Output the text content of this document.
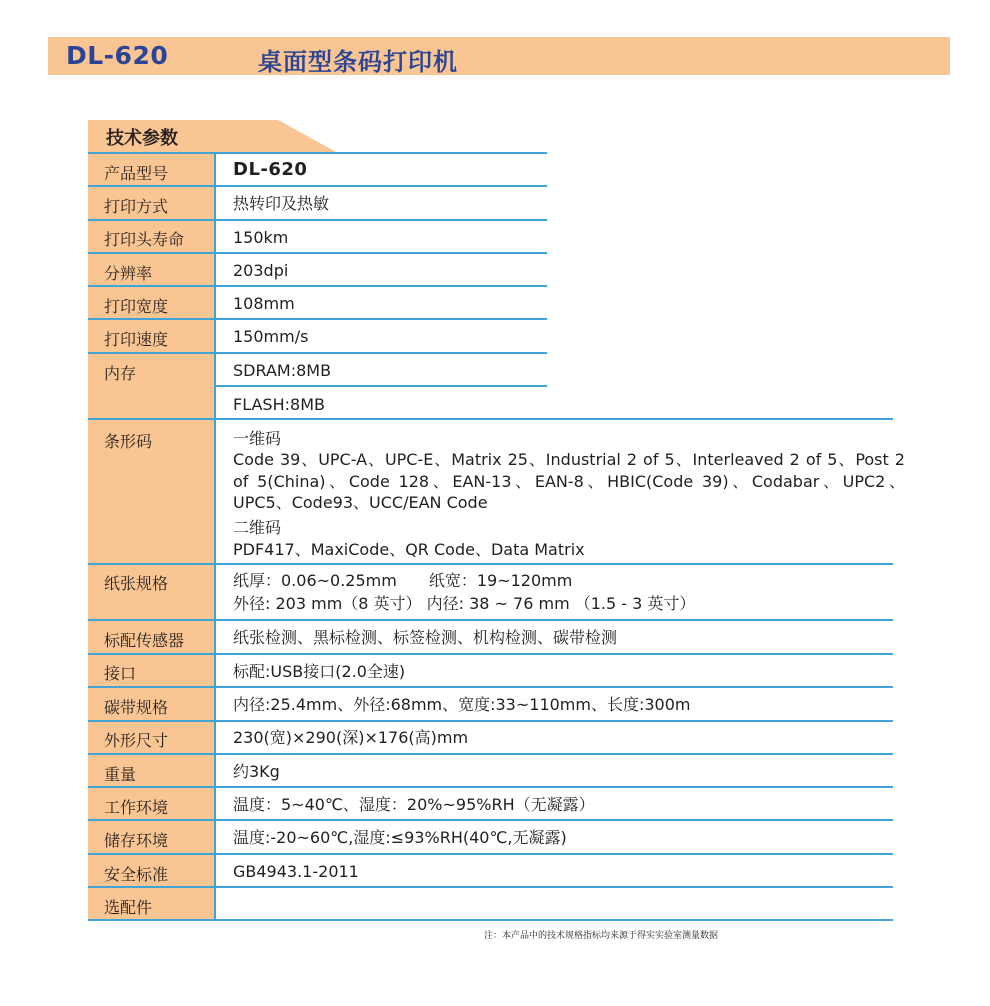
DL-620	桌面型条码打印机
技术参数
产品型号	DL-620
打印方式	热转印及热敏
打印头寿命	150km
分辨率	203dpi
打印宽度	108mm
打印速度	150mm/s
内存	SDRAM:8MB
FLASH:8MB
条形码	一维码
Code 39、UPC-A、UPC-E、Matrix 25、Industrial 2 of 5、Interleaved 2 of 5、Post 2 of 5(China)、Code 128、EAN-13、EAN-8、HBIC(Code 39)、Codabar、UPC2、UPC5、Code93、UCC/EAN Code
二维码
PDF417、MaxiCode、QR Code、Data Matrix
纸张规格	纸厚：0.06~0.25mm　　纸宽：19~120mm
外径: 203 mm（8 英寸） 内径: 38 ~ 76 mm （1.5 - 3 英寸）
标配传感器	纸张检测、黑标检测、标签检测、机构检测、碳带检测
接口	标配:USB接口(2.0全速)
碳带规格	内径:25.4mm、外径:68mm、宽度:33~110mm、长度:300m
外形尺寸	230(宽)×290(深)×176(高)mm
重量	约3Kg
工作环境	温度：5~40℃、湿度：20%~95%RH（无凝露）
储存环境	温度:-20~60℃,湿度:≤93%RH(40℃,无凝露)
安全标准	GB4943.1-2011
选配件
注：本产品中的技术规格指标均来源于得实实验室测量数据
